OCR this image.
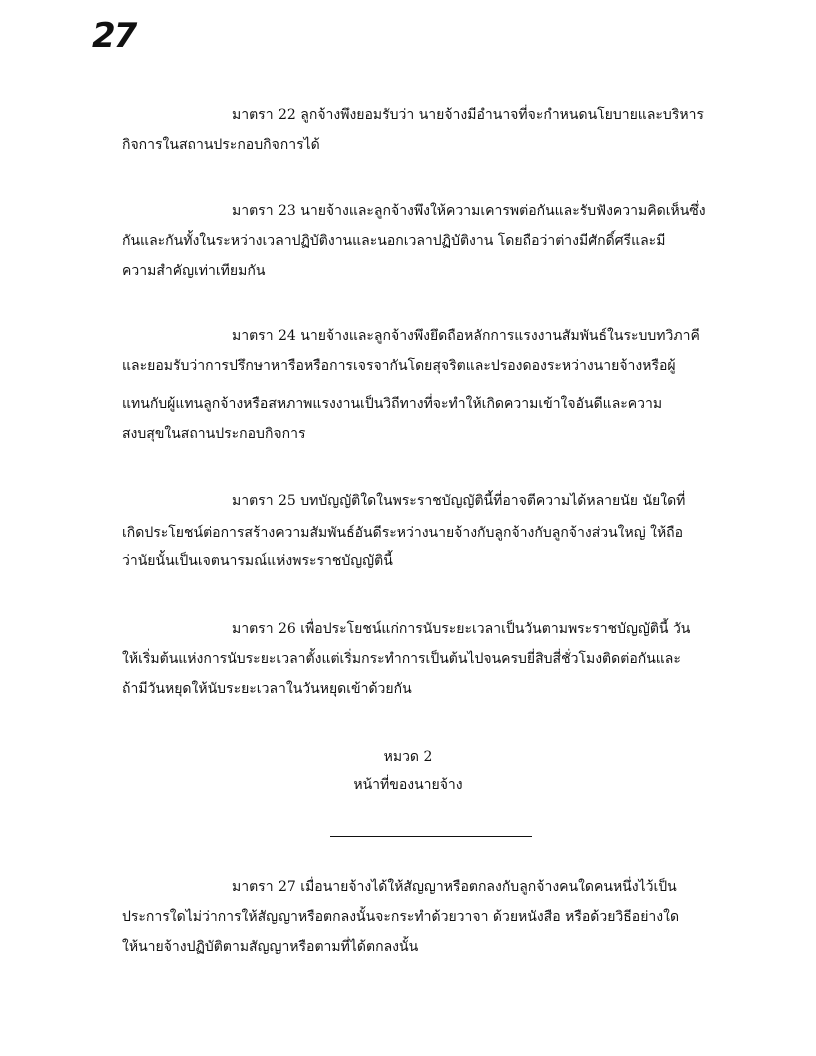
27
มาตรา 22 ลูกจ้างพึงยอมรับว่า นายจ้างมีอำนาจที่จะกำหนดนโยบายและบริหาร
กิจการในสถานประกอบกิจการได้
มาตรา 23 นายจ้างและลูกจ้างพึงให้ความเคารพต่อกันและรับฟังความคิดเห็นซึ่ง
กันและกันทั้งในระหว่างเวลาปฏิบัติงานและนอกเวลาปฏิบัติงาน โดยถือว่าต่างมีศักดิ์ศรีและมี
ความสำคัญเท่าเทียมกัน
มาตรา 24 นายจ้างและลูกจ้างพึงยึดถือหลักการแรงงานสัมพันธ์ในระบบทวิภาคี
และยอมรับว่าการปรึกษาหารือหรือการเจรจากันโดยสุจริตและปรองดองระหว่างนายจ้างหรือผู้
แทนกับผู้แทนลูกจ้างหรือสหภาพแรงงานเป็นวิถีทางที่จะทำให้เกิดความเข้าใจอันดีและความ
สงบสุขในสถานประกอบกิจการ
มาตรา 25 บทบัญญัติใดในพระราชบัญญัตินี้ที่อาจตีความได้หลายนัย นัยใดที่
เกิดประโยชน์ต่อการสร้างความสัมพันธ์อันดีระหว่างนายจ้างกับลูกจ้างกับลูกจ้างส่วนใหญ่ ให้ถือ
ว่านัยนั้นเป็นเจตนารมณ์แห่งพระราชบัญญัตินี้
มาตรา 26 เพื่อประโยชน์แก่การนับระยะเวลาเป็นวันตามพระราชบัญญัตินี้ วัน
ให้เริ่มต้นแห่งการนับระยะเวลาตั้งแต่เริ่มกระทำการเป็นต้นไปจนครบยี่สิบสี่ชั่วโมงติดต่อกันและ
ถ้ามีวันหยุดให้นับระยะเวลาในวันหยุดเข้าด้วยกัน
หมวด 2
หน้าที่ของนายจ้าง
มาตรา 27 เมื่อนายจ้างได้ให้สัญญาหรือตกลงกับลูกจ้างคนใดคนหนึ่งไว้เป็น
ประการใดไม่ว่าการให้สัญญาหรือตกลงนั้นจะกระทำด้วยวาจา ด้วยหนังสือ หรือด้วยวิธีอย่างใด
ให้นายจ้างปฏิบัติตามสัญญาหรือตามที่ได้ตกลงนั้น
